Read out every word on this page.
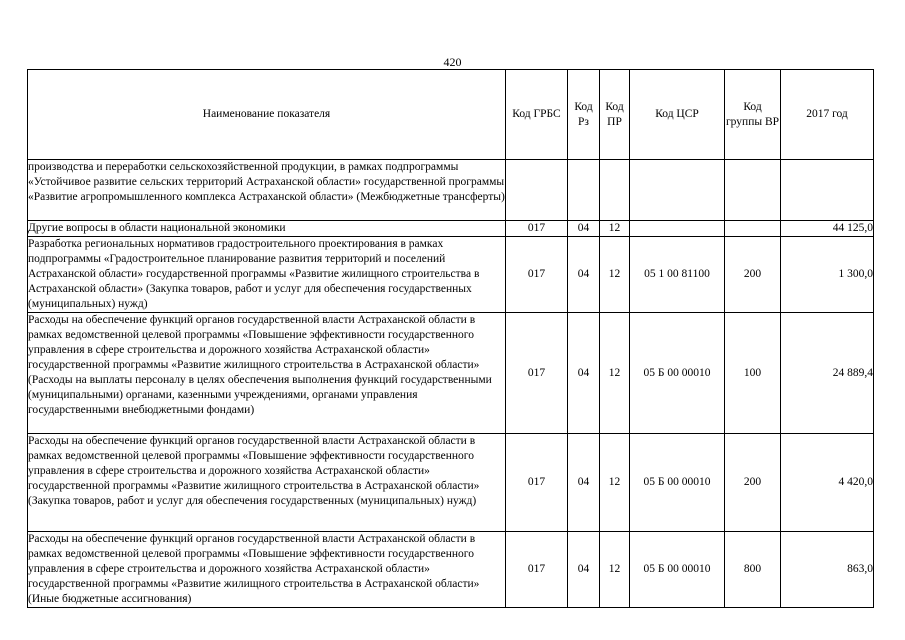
420
Наименование показателя	Код ГРБС	Код Рз	Код ПР	Код ЦСР	Код группы ВР	2017 год
производства и переработки сельскохозяйственной продукции, в рамках подпрограммы «Устойчивое развитие сельских территорий Астраханской области» государственной программы «Развитие агропромышленного комплекса Астраханской области» (Межбюджетные трансферты)						
Другие вопросы в области национальной экономики	017	04	12			44 125,0
Разработка региональных нормативов градостроительного проектирования в рамках подпрограммы «Градостроительное планирование развития территорий и поселений Астраханской области» государственной программы «Развитие жилищного строительства в Астраханской области» (Закупка товаров, работ и услуг для обеспечения государственных (муниципальных) нужд)	017	04	12	05 1 00 81100	200	1 300,0
Расходы на обеспечение функций органов государственной власти Астраханской области в рамках ведомственной целевой программы «Повышение эффективности государственного управления в сфере строительства и дорожного хозяйства Астраханской области» государственной программы «Развитие жилищного строительства в Астраханской области» (Расходы на выплаты персоналу в целях обеспечения выполнения функций государственными (муниципальными) органами, казенными учреждениями, органами управления государственными внебюджетными фондами)	017	04	12	05 Б 00 00010	100	24 889,4
Расходы на обеспечение функций органов государственной власти Астраханской области в рамках ведомственной целевой программы «Повышение эффективности государственного управления в сфере строительства и дорожного хозяйства Астраханской области» государственной программы «Развитие жилищного строительства в Астраханской области» (Закупка товаров, работ и услуг для обеспечения государственных (муниципальных) нужд)	017	04	12	05 Б 00 00010	200	4 420,0
Расходы на обеспечение функций органов государственной власти Астраханской области в рамках ведомственной целевой программы «Повышение эффективности государственного управления в сфере строительства и дорожного хозяйства Астраханской области» государственной программы «Развитие жилищного строительства в Астраханской области» (Иные бюджетные ассигнования)	017	04	12	05 Б 00 00010	800	863,0
